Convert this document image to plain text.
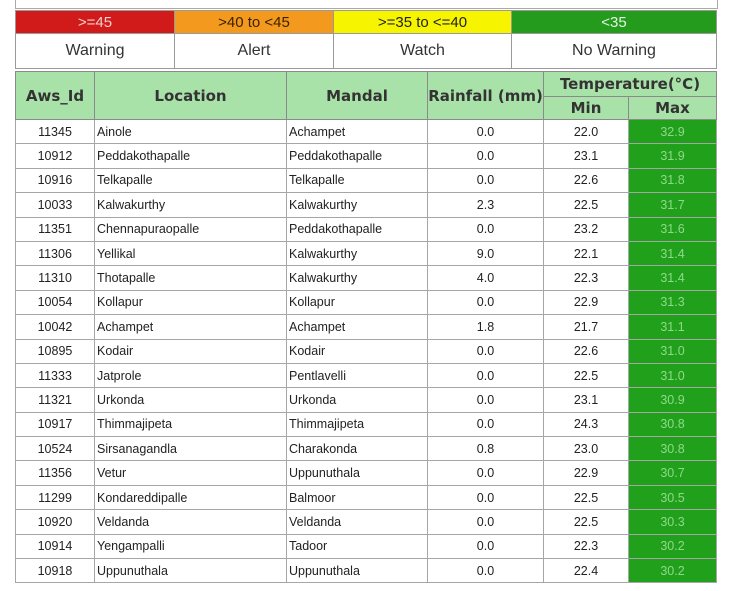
>=45	>40 to <45	>=35 to <=40	<35
Warning	Alert	Watch	No Warning
Aws_Id	Location	Mandal	Rainfall (mm)	Temperature(°C)	
				Min	Max
11345	Ainole	Achampet	0.0	22.0	32.9
10912	Peddakothapalle	Peddakothapalle	0.0	23.1	31.9
10916	Telkapalle	Telkapalle	0.0	22.6	31.8
10033	Kalwakurthy	Kalwakurthy	2.3	22.5	31.7
11351	Chennapuraopalle	Peddakothapalle	0.0	23.2	31.6
11306	Yellikal	Kalwakurthy	9.0	22.1	31.4
11310	Thotapalle	Kalwakurthy	4.0	22.3	31.4
10054	Kollapur	Kollapur	0.0	22.9	31.3
10042	Achampet	Achampet	1.8	21.7	31.1
10895	Kodair	Kodair	0.0	22.6	31.0
11333	Jatprole	Pentlavelli	0.0	22.5	31.0
11321	Urkonda	Urkonda	0.0	23.1	30.9
10917	Thimmajipeta	Thimmajipeta	0.0	24.3	30.8
10524	Sirsanagandla	Charakonda	0.8	23.0	30.8
11356	Vetur	Uppunuthala	0.0	22.9	30.7
11299	Kondareddipalle	Balmoor	0.0	22.5	30.5
10920	Veldanda	Veldanda	0.0	22.5	30.3
10914	Yengampalli	Tadoor	0.0	22.3	30.2
10918	Uppunuthala	Uppunuthala	0.0	22.4	30.2
